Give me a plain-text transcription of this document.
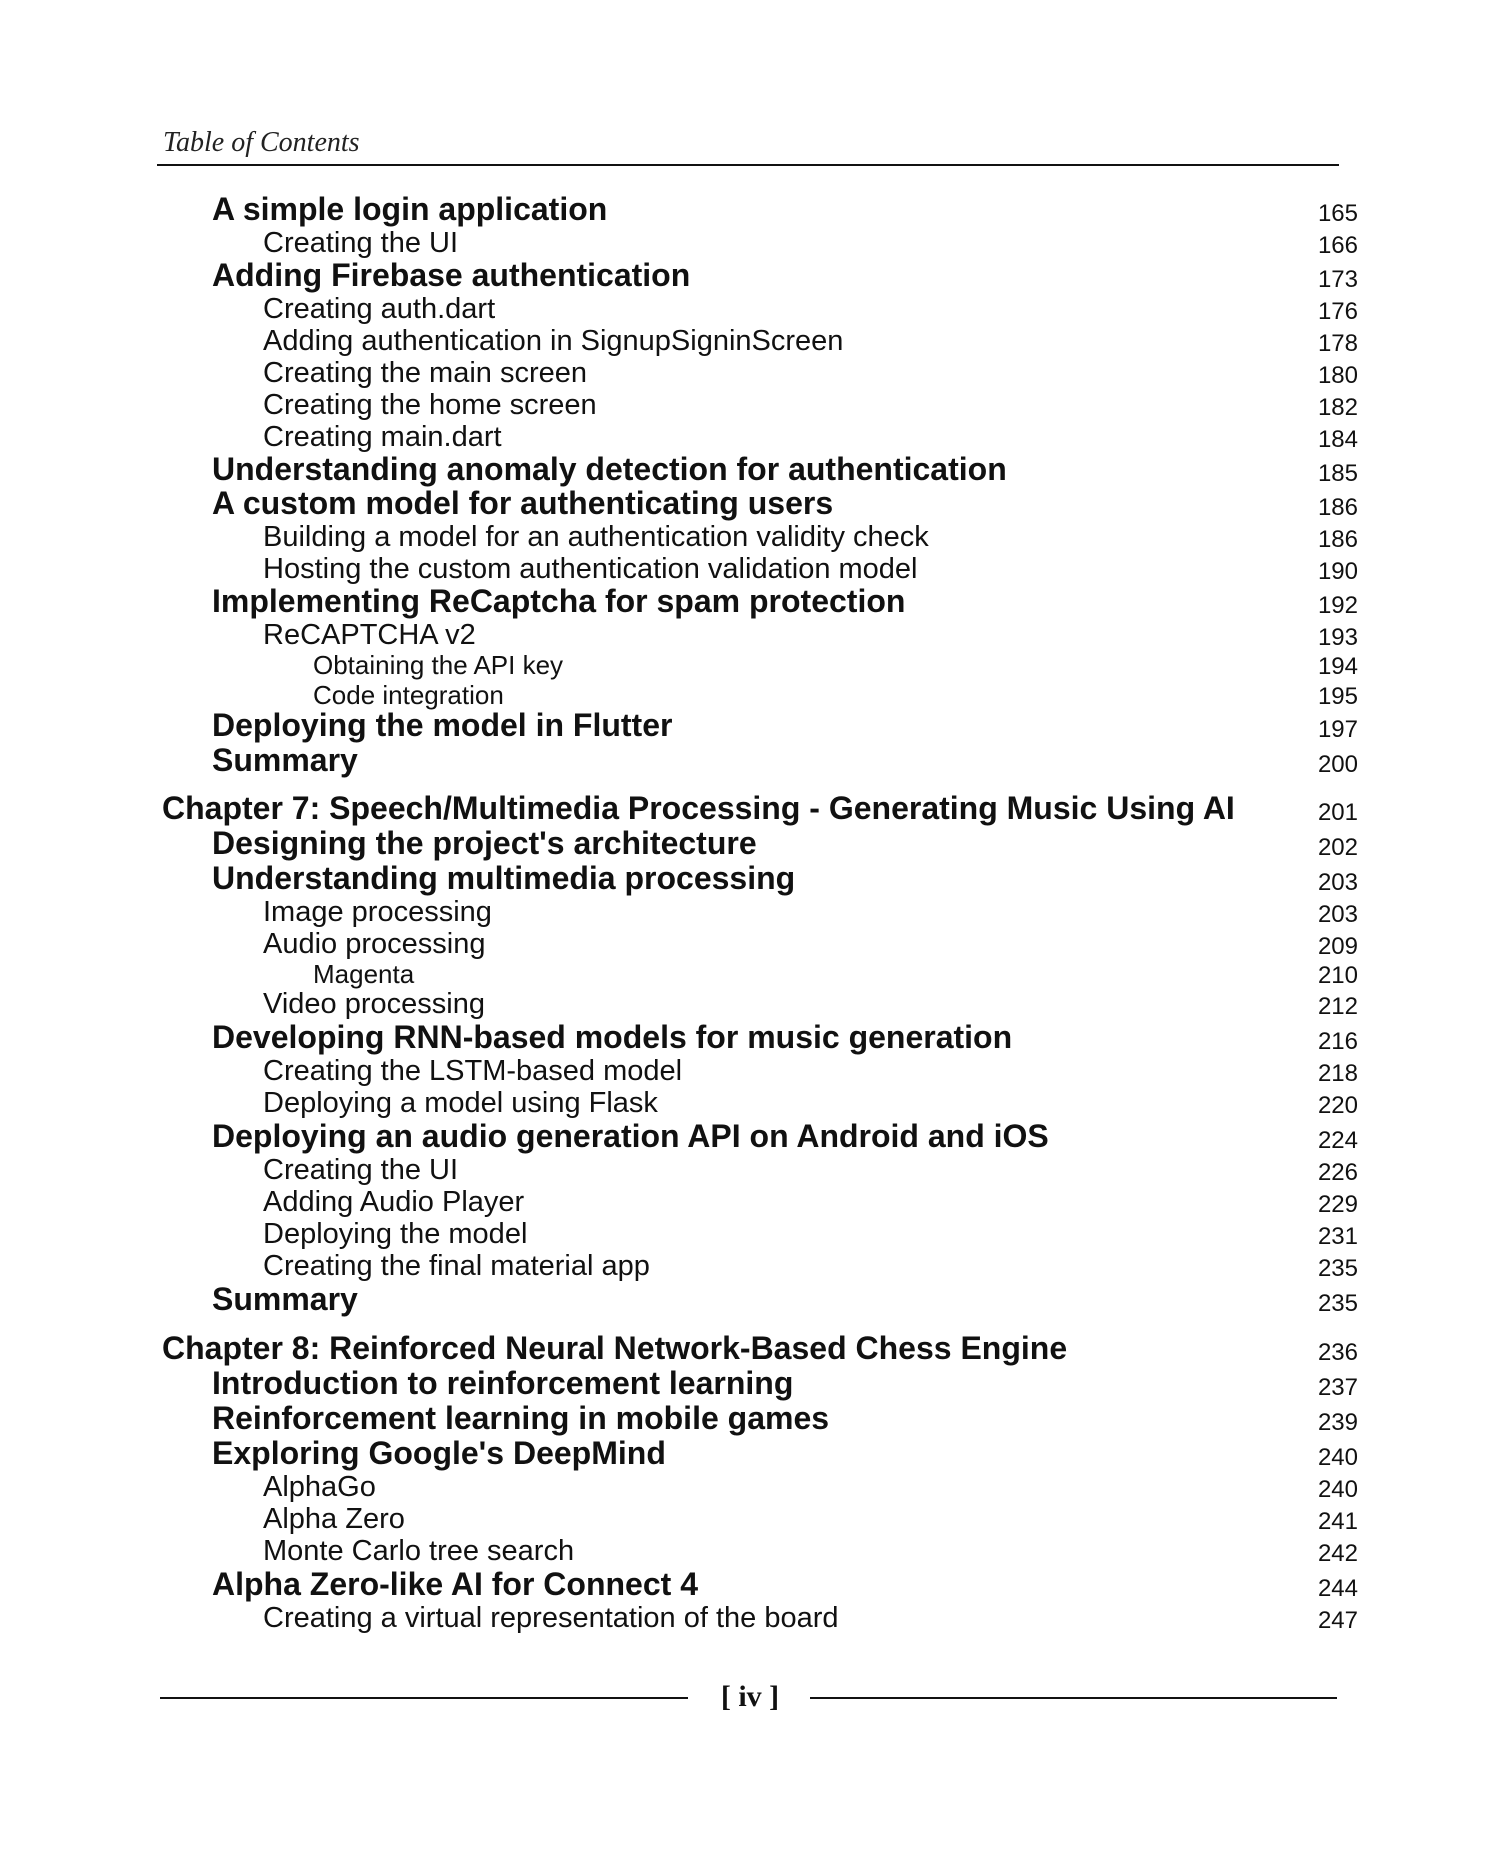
Table of Contents
A simple login application	165
Creating the UI	166
Adding Firebase authentication	173
Creating auth.dart	176
Adding authentication in SignupSigninScreen	178
Creating the main screen	180
Creating the home screen	182
Creating main.dart	184
Understanding anomaly detection for authentication	185
A custom model for authenticating users	186
Building a model for an authentication validity check	186
Hosting the custom authentication validation model	190
Implementing ReCaptcha for spam protection	192
ReCAPTCHA v2	193
Obtaining the API key	194
Code integration	195
Deploying the model in Flutter	197
Summary	200
Chapter 7: Speech/Multimedia Processing - Generating Music Using AI	201
Designing the project's architecture	202
Understanding multimedia processing	203
Image processing	203
Audio processing	209
Magenta	210
Video processing	212
Developing RNN-based models for music generation	216
Creating the LSTM-based model	218
Deploying a model using Flask	220
Deploying an audio generation API on Android and iOS	224
Creating the UI	226
Adding Audio Player	229
Deploying the model	231
Creating the final material app	235
Summary	235
Chapter 8: Reinforced Neural Network-Based Chess Engine	236
Introduction to reinforcement learning	237
Reinforcement learning in mobile games	239
Exploring Google's DeepMind	240
AlphaGo	240
Alpha Zero	241
Monte Carlo tree search	242
Alpha Zero-like AI for Connect 4	244
Creating a virtual representation of the board	247
[ iv ]
